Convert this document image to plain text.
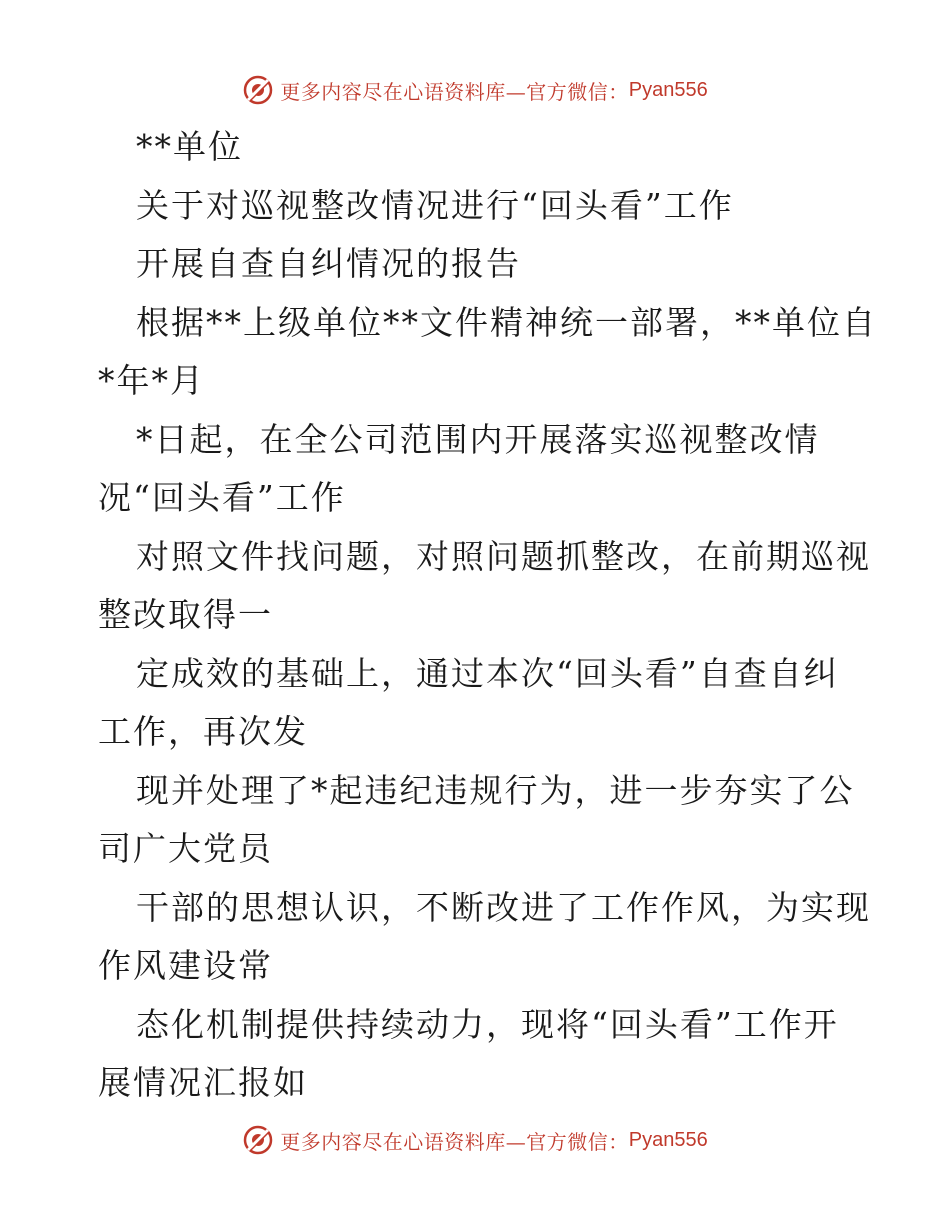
更多内容尽在心语资料库—官方微信： Pyan556
**单位
关于对巡视整改情况进行“回头看”工作
开展自查自纠情况的报告
根据**上级单位**文件精神统一部署，**单位自
*年*月
*日起，在全公司范围内开展落实巡视整改情
况“回头看”工作
对照文件找问题，对照问题抓整改，在前期巡视
整改取得一
定成效的基础上，通过本次“回头看”自查自纠
工作，再次发
现并处理了*起违纪违规行为，进一步夯实了公
司广大党员
干部的思想认识，不断改进了工作作风，为实现
作风建设常
态化机制提供持续动力，现将“回头看”工作开
展情况汇报如
更多内容尽在心语资料库—官方微信： Pyan556
